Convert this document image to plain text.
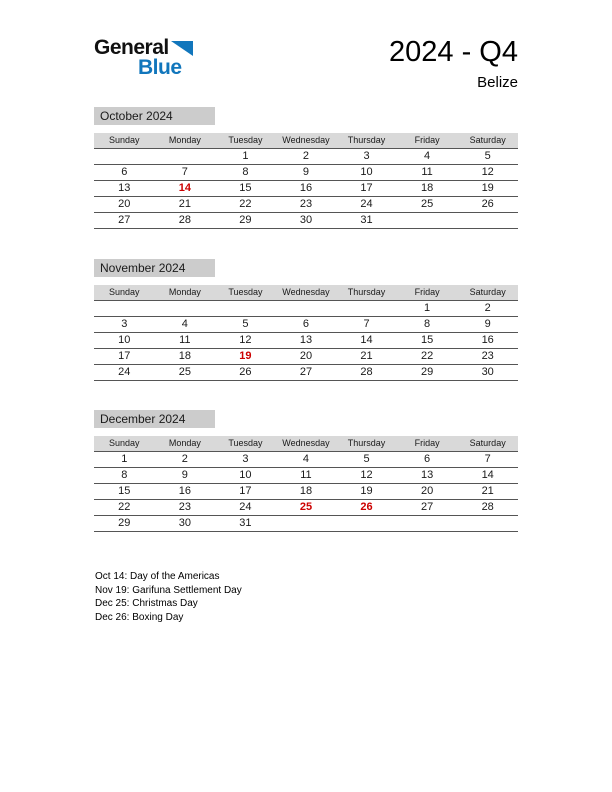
General
Blue	2024 - Q4
Belize
October 2024
Sunday	Monday	Tuesday	Wednesday	Thursday	Friday	Saturday
		1	2	3	4	5
6	7	8	9	10	11	12
13	14	15	16	17	18	19
20	21	22	23	24	25	26
27	28	29	30	31		
November 2024
Sunday	Monday	Tuesday	Wednesday	Thursday	Friday	Saturday
					1	2
3	4	5	6	7	8	9
10	11	12	13	14	15	16
17	18	19	20	21	22	23
24	25	26	27	28	29	30
December 2024
Sunday	Monday	Tuesday	Wednesday	Thursday	Friday	Saturday
1	2	3	4	5	6	7
8	9	10	11	12	13	14
15	16	17	18	19	20	21
22	23	24	25	26	27	28
29	30	31				
Oct 14: Day of the Americas
Nov 19: Garifuna Settlement Day
Dec 25: Christmas Day
Dec 26: Boxing Day
